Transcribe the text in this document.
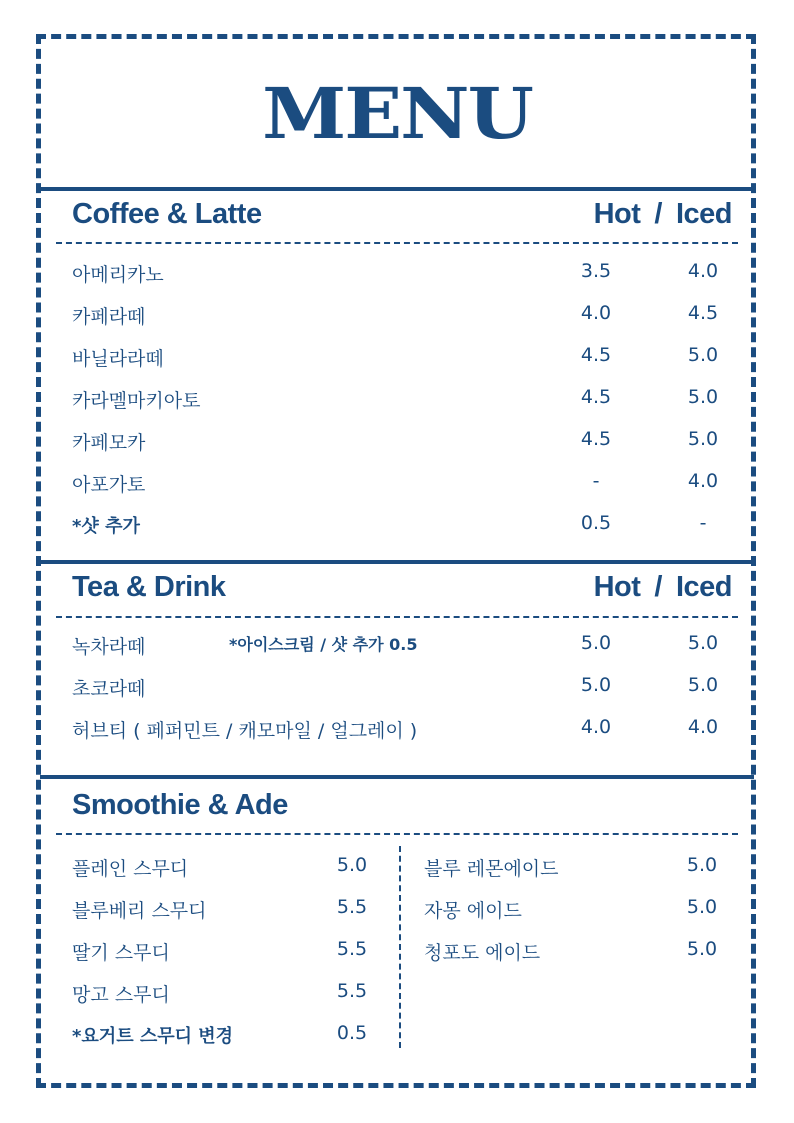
MENU
Coffee & Latte	Hot / Iced
아메리카노	3.5	4.0
카페라떼	4.0	4.5
바닐라라떼	4.5	5.0
카라멜마키아토	4.5	5.0
카페모카	4.5	5.0
아포가토	-	4.0
*샷 추가	0.5	-
Tea & Drink	Hot / Iced
녹차라떼	*아이스크림 / 샷 추가 0.5	5.0	5.0
초코라떼	5.0	5.0
허브티 ( 페퍼민트 / 캐모마일 / 얼그레이 )	4.0	4.0
Smoothie & Ade
플레인 스무디	5.0
블루베리 스무디	5.5
딸기 스무디	5.5
망고 스무디	5.5
*요거트 스무디 변경	0.5
블루 레몬에이드	5.0
자몽 에이드	5.0
청포도 에이드	5.0
